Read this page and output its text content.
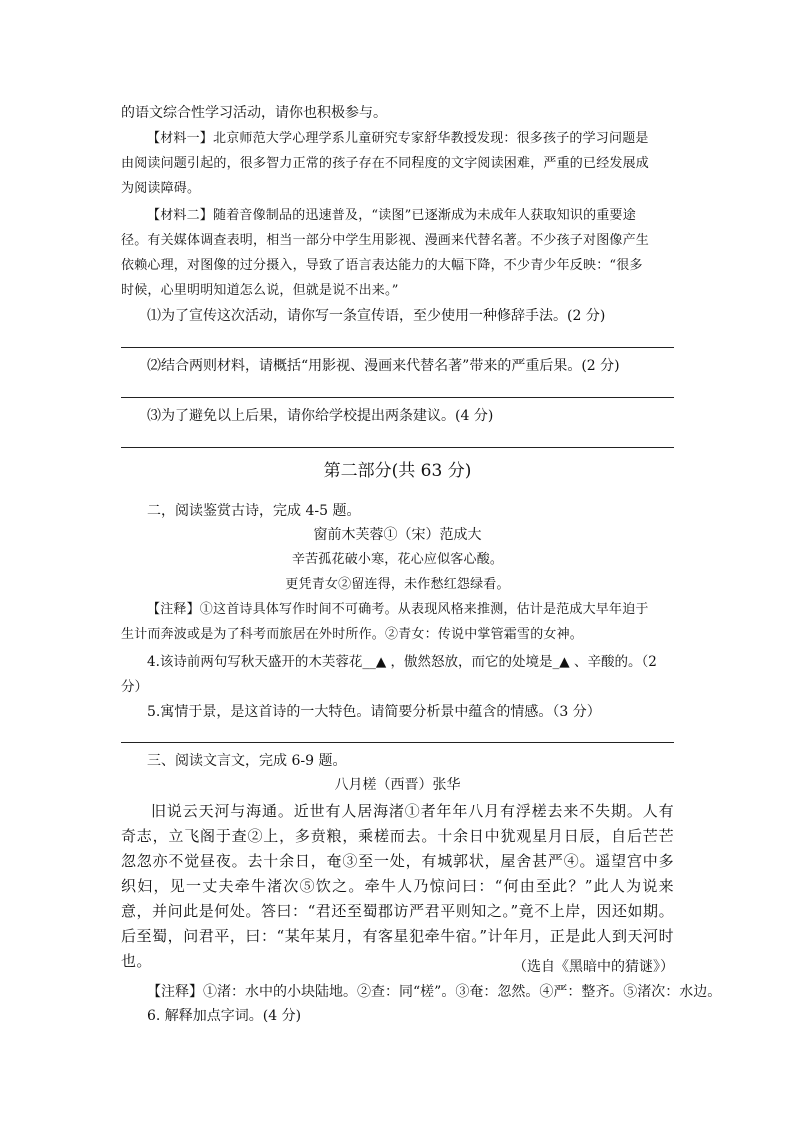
的语文综合性学习活动，请你也积极参与。
【材料一】北京师范大学心理学系儿童研究专家舒华教授发现：很多孩子的学习问题是
由阅读问题引起的，很多智力正常的孩子存在不同程度的文字阅读困难，严重的已经发展成
为阅读障碍。
【材料二】随着音像制品的迅速普及，“读图”已逐渐成为未成年人获取知识的重要途
径。有关媒体调查表明，相当一部分中学生用影视、漫画来代替名著。不少孩子对图像产生
依赖心理，对图像的过分摄入，导致了语言表达能力的大幅下降，不少青少年反映：“很多
时候，心里明明知道怎么说，但就是说不出来。”
⑴为了宣传这次活动，请你写一条宣传语，至少使用一种修辞手法。(2 分)
⑵结合两则材料，请概括“用影视、漫画来代替名著”带来的严重后果。(2 分)
⑶为了避免以上后果，请你给学校提出两条建议。(4 分)
第二部分(共 63 分)
二，阅读鉴赏古诗，完成 4-5 题。
窗前木芙蓉①（宋）范成大
辛苦孤花破小寒，花心应似客心酸。
更凭青女②留连得，未作愁红怨绿看。
【注释】①这首诗具体写作时间不可确考。从表现风格来推测，估计是范成大早年迫于
生计而奔波或是为了科考而旅居在外时所作。②青女：传说中掌管霜雪的女神。
4.该诗前两句写秋天盛开的木芙蓉花__▲ ，傲然怒放，而它的处境是_▲ 、辛酸的。（2
分）
5.寓情于景，是这首诗的一大特色。请简要分析景中蕴含的情感。（3 分）
三、阅读文言文，完成 6-9 题。
八月槎（西晋）张华
旧说云天河与海通。近世有人居海渚①者年年八月有浮槎去来不失期。人有奇志，立飞阁于查②上，多贲粮，乘槎而去。十余日中犹观星月日辰，自后芒芒忽忽亦不觉昼夜。去十余日，奄③至一处，有城郭状，屋舍甚严④。遥望宫中多织妇，见一丈夫牵牛渚次⑤饮之。牵牛人乃惊问曰：“何由至此？”此人为说来意，并问此是何处。答曰：“君还至蜀郡访严君平则知之。”竟不上岸，因还如期。后至蜀，问君平，曰：“某年某月，有客星犯牵牛宿。”计年月，正是此人到天河时也。	（选自《黑暗中的猜谜》）
【注释】①渚：水中的小块陆地。②查：同“槎”。③奄：忽然。④严：整齐。⑤渚次：水边。
6. 解释加点字词。(4 分)
